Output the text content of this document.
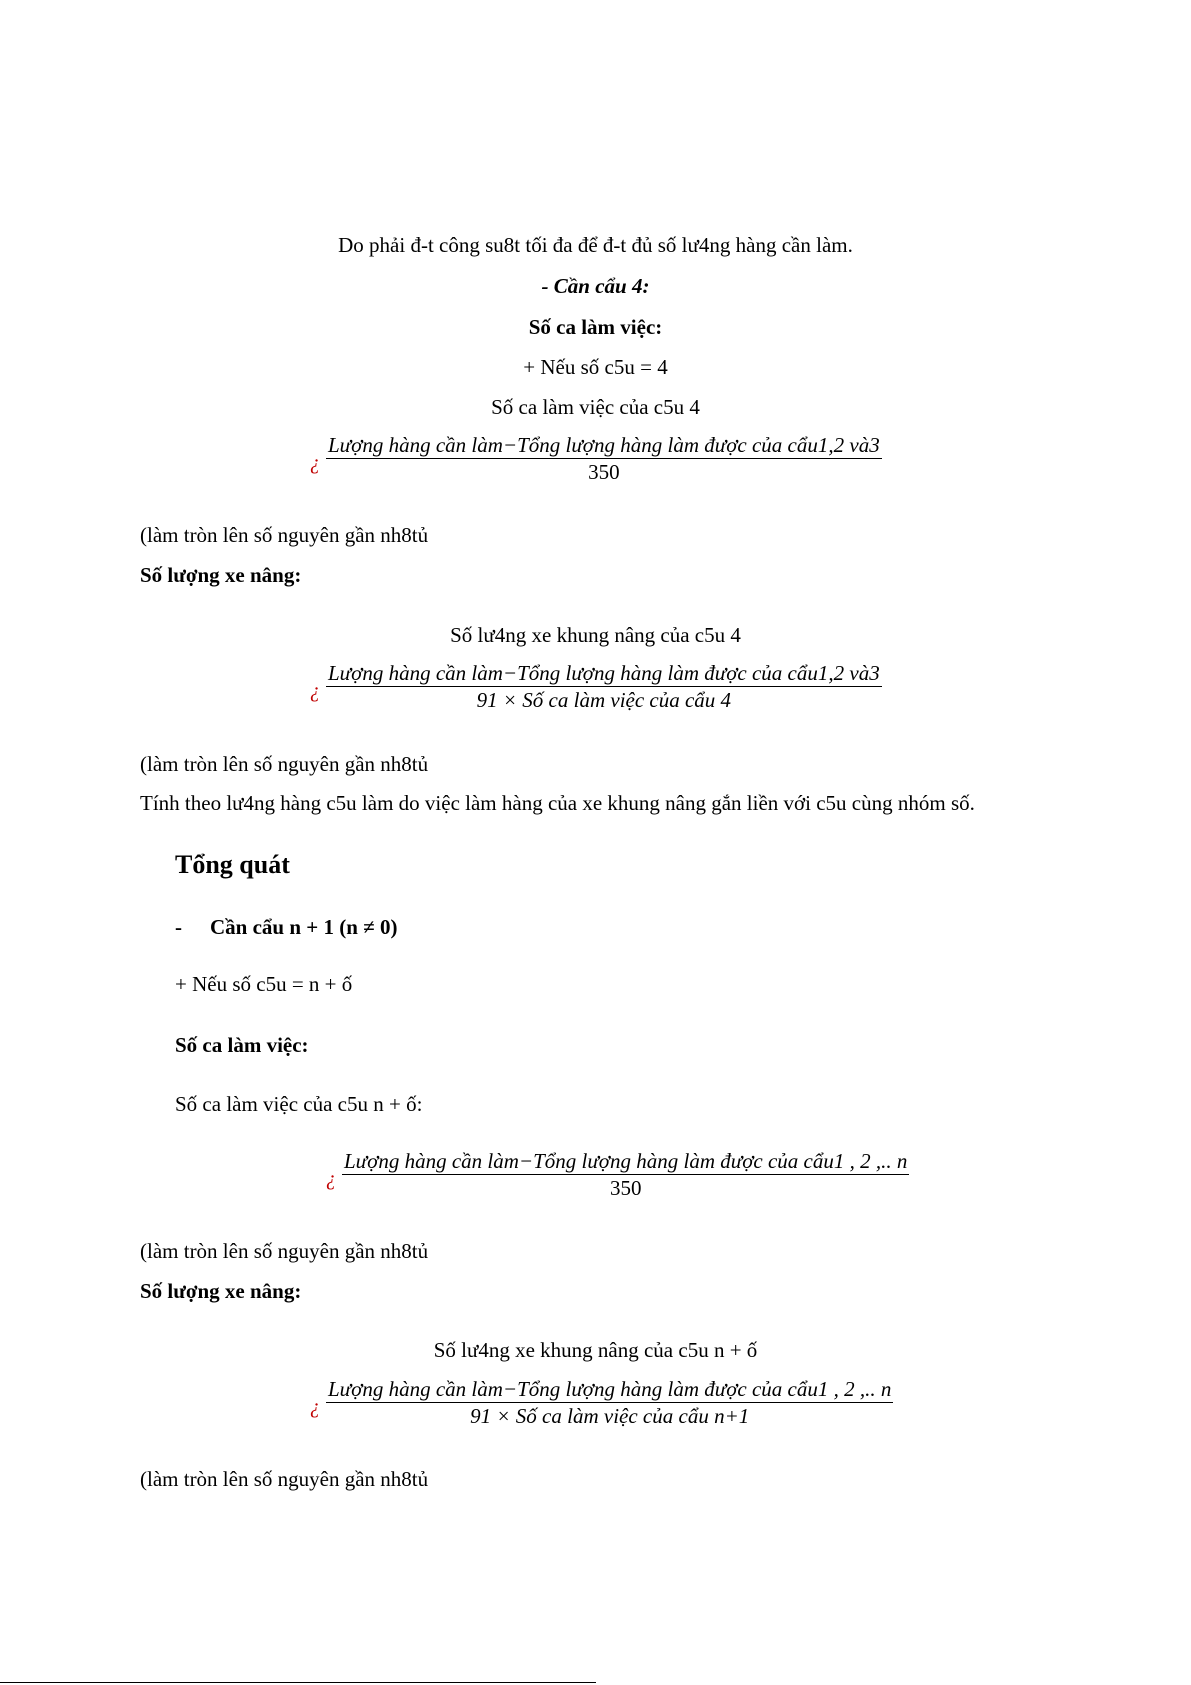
Do phải đ-t công su8t tối đa để đ-t đủ số lư4ng hàng cần làm.
- Cần cẩu 4:
Số ca làm việc:
+ Nếu số c5u = 4
Số ca làm việc của c5u 4
¿ $\frac{\text{Lượng hàng cần làm−Tổng lượng hàng làm được của cẩu1,2 và3}}{350}$
(làm tròn lên số nguyên gần nh8tủ
Số lượng xe nâng:
Số lư4ng xe khung nâng của c5u 4
¿ $\frac{\text{Lượng hàng cần làm−Tổng lượng hàng làm được của cẩu1,2 và3}}{\text{91 × Số ca làm việc của cẩu 4}}$
(làm tròn lên số nguyên gần nh8tủ
Tính theo lư4ng hàng c5u làm do việc làm hàng của xe khung nâng gắn liền với c5u cùng nhóm số.
Tổng quát
- Cần cẩu n + 1 (n ≠ 0)
+ Nếu số c5u = n + ố
Số ca làm việc:
Số ca làm việc của c5u n + ố:
¿
Lượng hàng cần làm−Tổng lượng hàng làm được của cẩu1 , 2 ,.. n
350
(làm tròn lên số nguyên gần nh8tủ
Số lượng xe nâng:
Số lư4ng xe khung nâng của c5u n + ố
¿
Lượng hàng cần làm−Tổng lượng hàng làm được của cẩu1 , 2 ,.. n
91 × Số ca làm việc của cẩu n+1
(làm tròn lên số nguyên gần nh8tủ
